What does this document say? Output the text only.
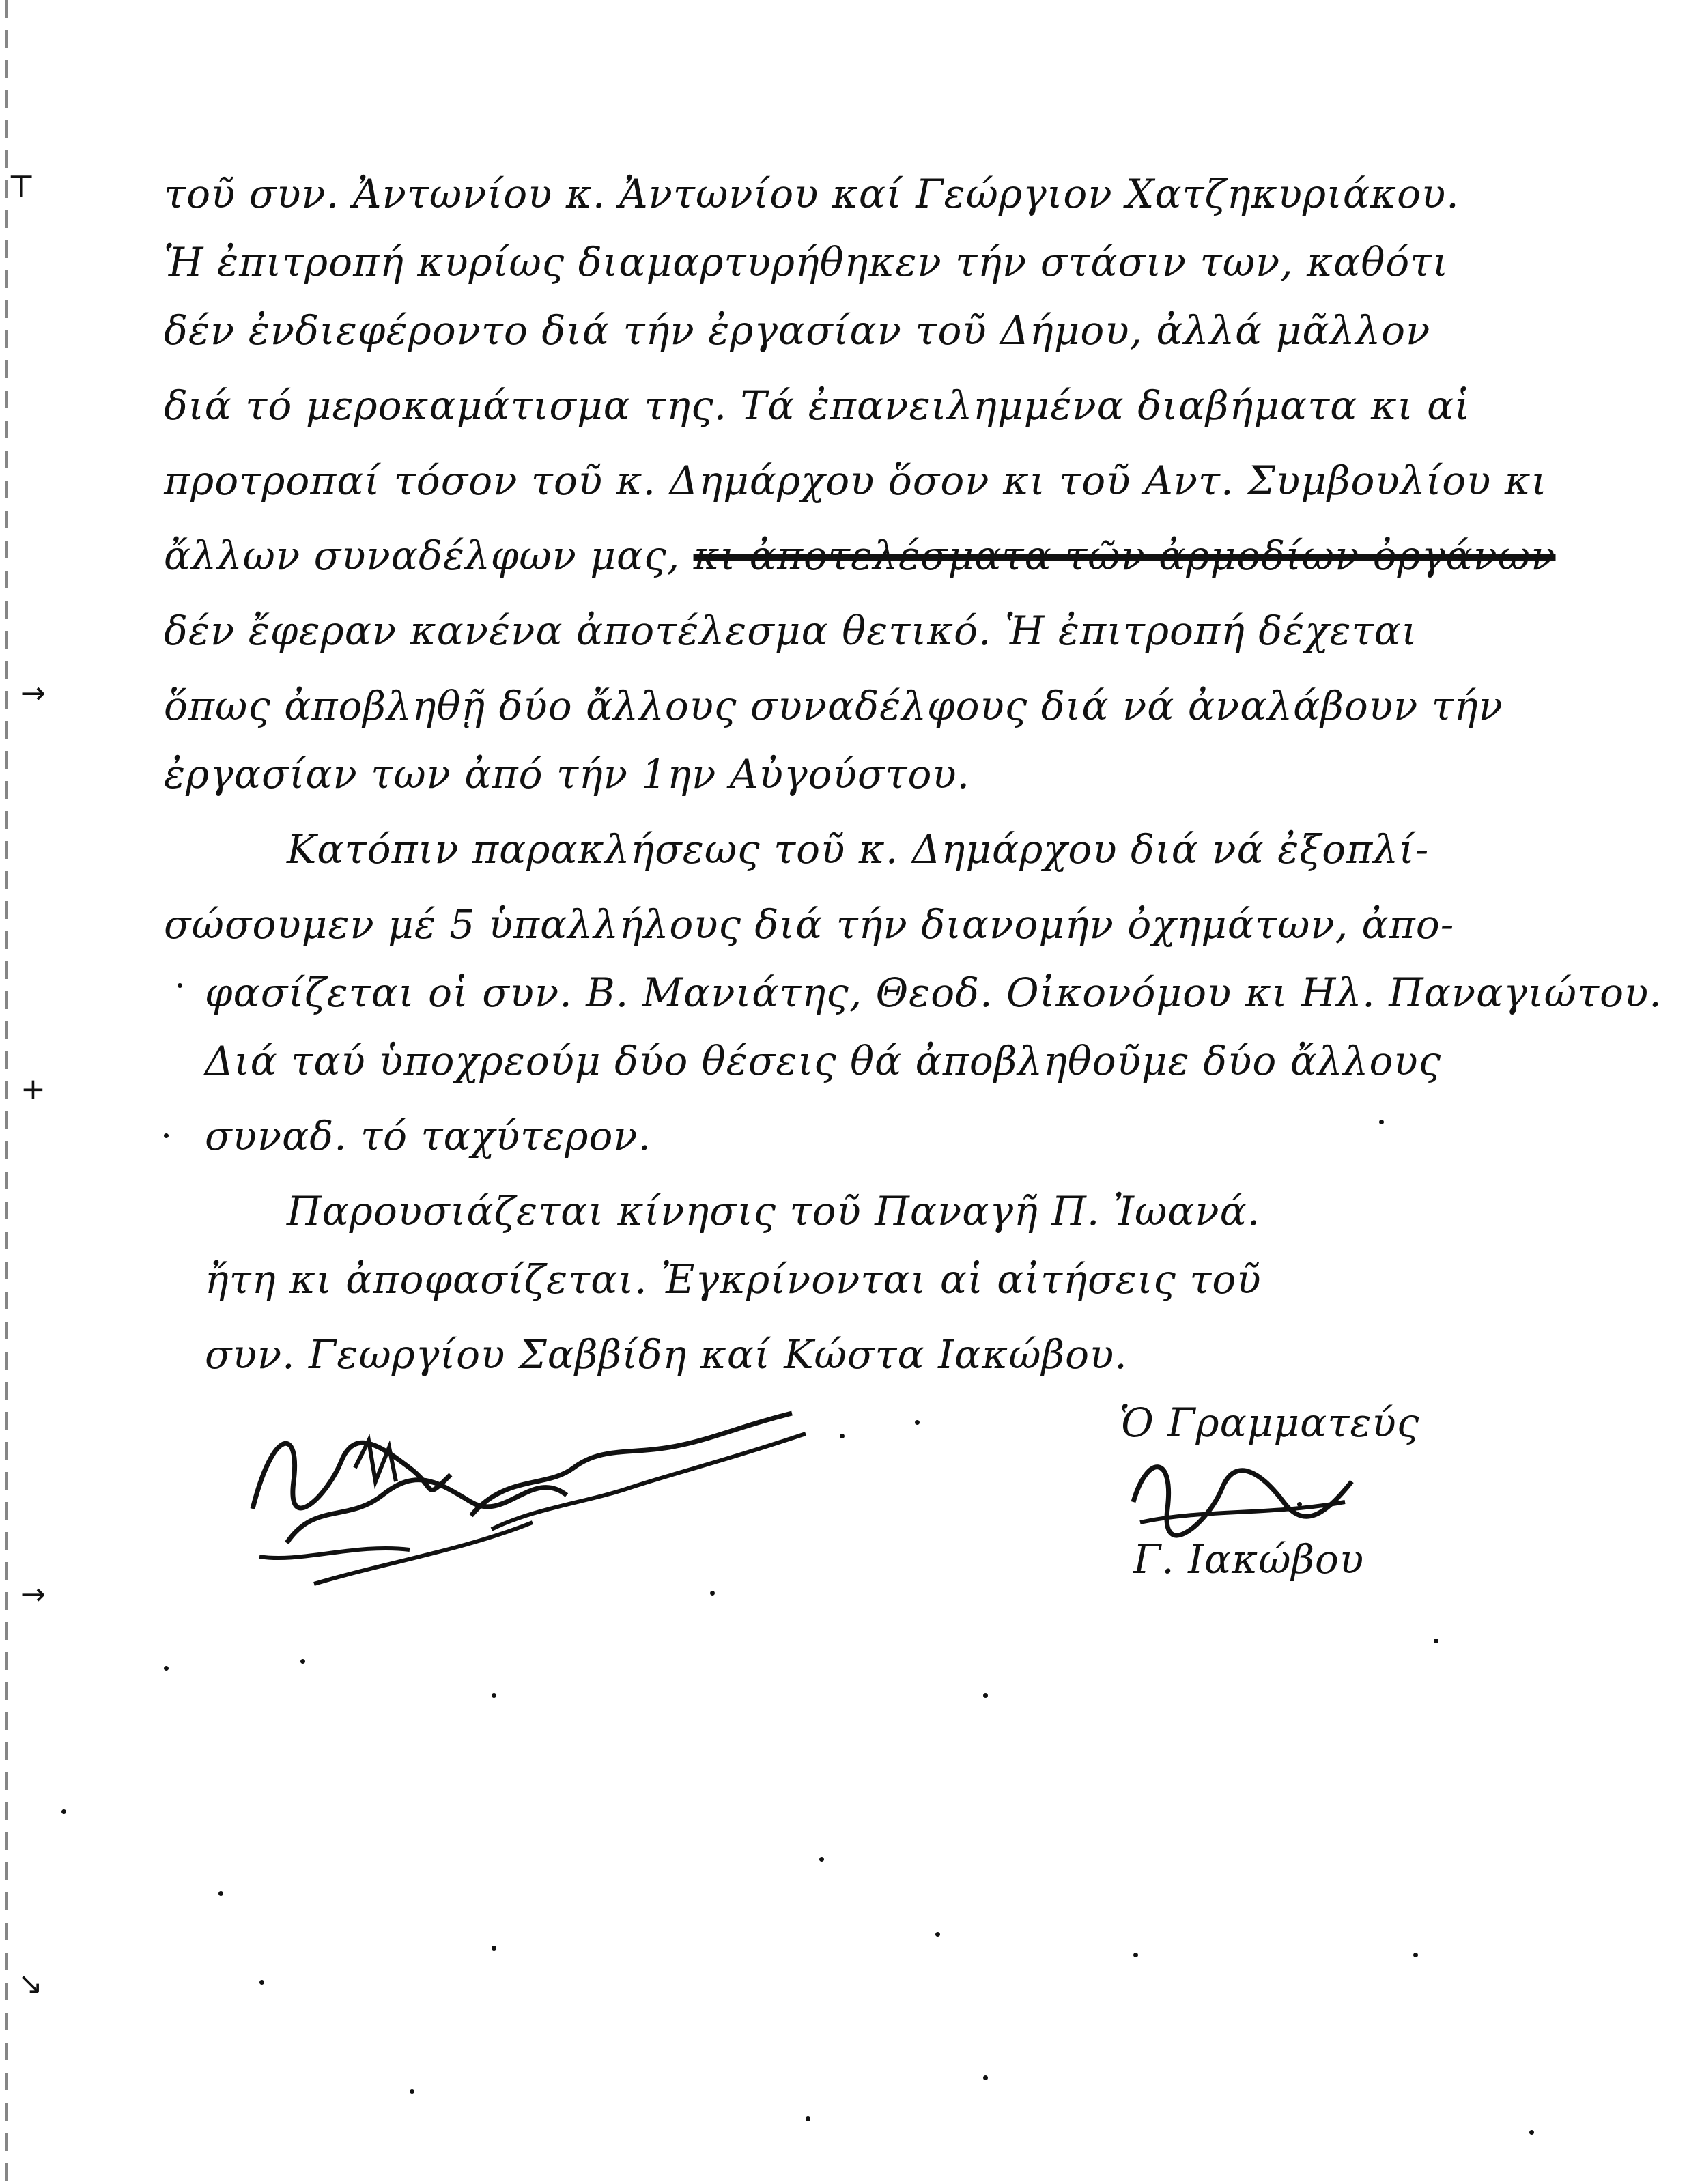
⊤
→
+
→
↘
τοῦ συν. Ἀντωνίου κ. Ἀντωνίου καί Γεώργιον Χατζηκυριάκου.
Ἡ ἐπιτροπή κυρίως διαμαρτυρήθηκεν τήν στάσιν των, καθότι
δέν ἐνδιεφέροντο διά τήν ἐργασίαν τοῦ Δήμου, ἀλλά μᾶλλον
διά τό μεροκαμάτισμα της. Τά ἐπανειλημμένα διαβήματα κι αἱ
προτροπαί τόσον τοῦ κ. Δημάρχου ὅσον κι τοῦ Αντ. Συμβουλίου κι
ἄλλων συναδέλφων μας, κι ἀποτελέσματα τῶν ἀρμοδίων ὀργάνων
δέν ἔφεραν κανένα ἀποτέλεσμα θετικό. Ἡ ἐπιτροπή δέχεται
ὅπως ἀποβληθῇ δύο ἄλλους συναδέλφους διά νά ἀναλάβουν τήν
ἐργασίαν των ἀπό τήν 1ην Αὐγούστου.
Κατόπιν παρακλήσεως τοῦ κ. Δημάρχου διά νά ἐξοπλί-
σώσουμεν μέ 5 ὑπαλλήλους διά τήν διανομήν ὀχημάτων, ἀπο-
φασίζεται οἱ συν. Β. Μανιάτης, Θεοδ. Οἰκονόμου κι Ηλ. Παναγιώτου.
Διά ταύ ὑποχρεούμ δύο θέσεις θά ἀποβληθοῦμε δύο ἄλλους
συναδ. τό ταχύτερον.
Παρουσιάζεται κίνησις τοῦ Παναγῆ Π. Ἰωανά.
ἤτη κι ἀποφασίζεται. Ἐγκρίνονται αἱ αἰτήσεις τοῦ
συν. Γεωργίου Σαββίδη καί Κώστα Ιακώβου.
Ὁ Γραμματεύς
Γ. Ιακώβου
